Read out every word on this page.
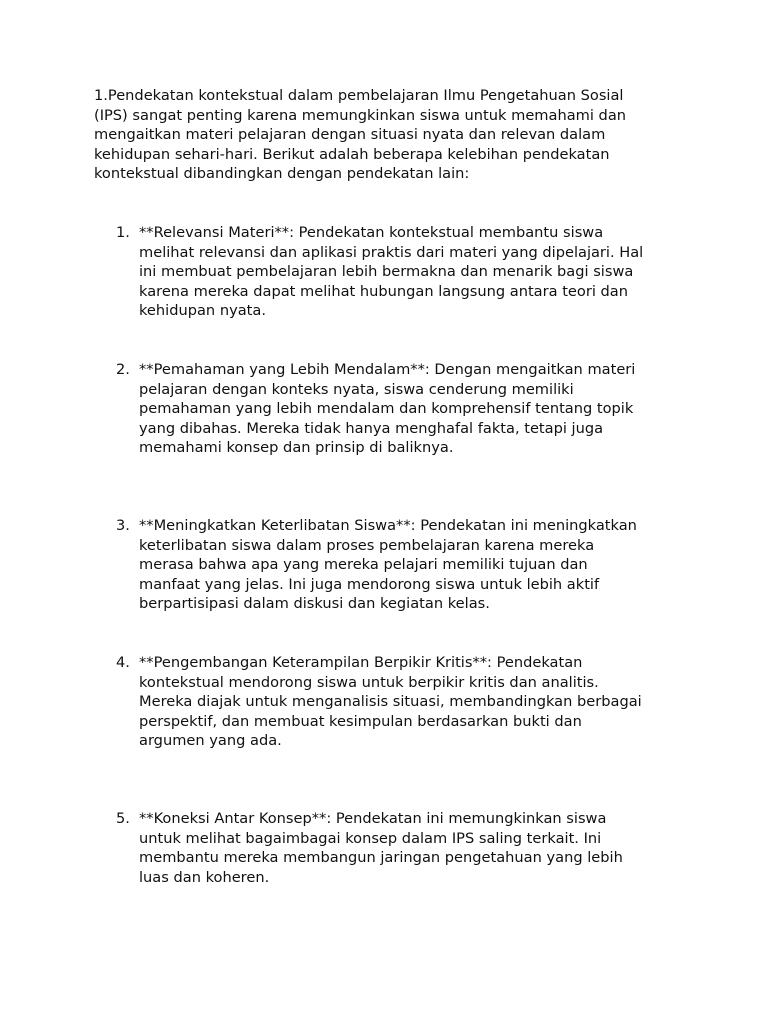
1.Pendekatan kontekstual dalam pembelajaran Ilmu Pengetahuan Sosial
(IPS) sangat penting karena memungkinkan siswa untuk memahami dan
mengaitkan materi pelajaran dengan situasi nyata dan relevan dalam
kehidupan sehari-hari. Berikut adalah beberapa kelebihan pendekatan
kontekstual dibandingkan dengan pendekatan lain:

1. **Relevansi Materi**: Pendekatan kontekstual membantu siswa
melihat relevansi dan aplikasi praktis dari materi yang dipelajari. Hal
ini membuat pembelajaran lebih bermakna dan menarik bagi siswa
karena mereka dapat melihat hubungan langsung antara teori dan
kehidupan nyata.
2. **Pemahaman yang Lebih Mendalam**: Dengan mengaitkan materi
pelajaran dengan konteks nyata, siswa cenderung memiliki
pemahaman yang lebih mendalam dan komprehensif tentang topik
yang dibahas. Mereka tidak hanya menghafal fakta, tetapi juga
memahami konsep dan prinsip di baliknya.
3. **Meningkatkan Keterlibatan Siswa**: Pendekatan ini meningkatkan
keterlibatan siswa dalam proses pembelajaran karena mereka
merasa bahwa apa yang mereka pelajari memiliki tujuan dan
manfaat yang jelas. Ini juga mendorong siswa untuk lebih aktif
berpartisipasi dalam diskusi dan kegiatan kelas.
4. **Pengembangan Keterampilan Berpikir Kritis**: Pendekatan
kontekstual mendorong siswa untuk berpikir kritis dan analitis.
Mereka diajak untuk menganalisis situasi, membandingkan berbagai
perspektif, dan membuat kesimpulan berdasarkan bukti dan
argumen yang ada.
5. **Koneksi Antar Konsep**: Pendekatan ini memungkinkan siswa
untuk melihat bagaimbagai konsep dalam IPS saling terkait. Ini
membantu mereka membangun jaringan pengetahuan yang lebih
luas dan koheren.
